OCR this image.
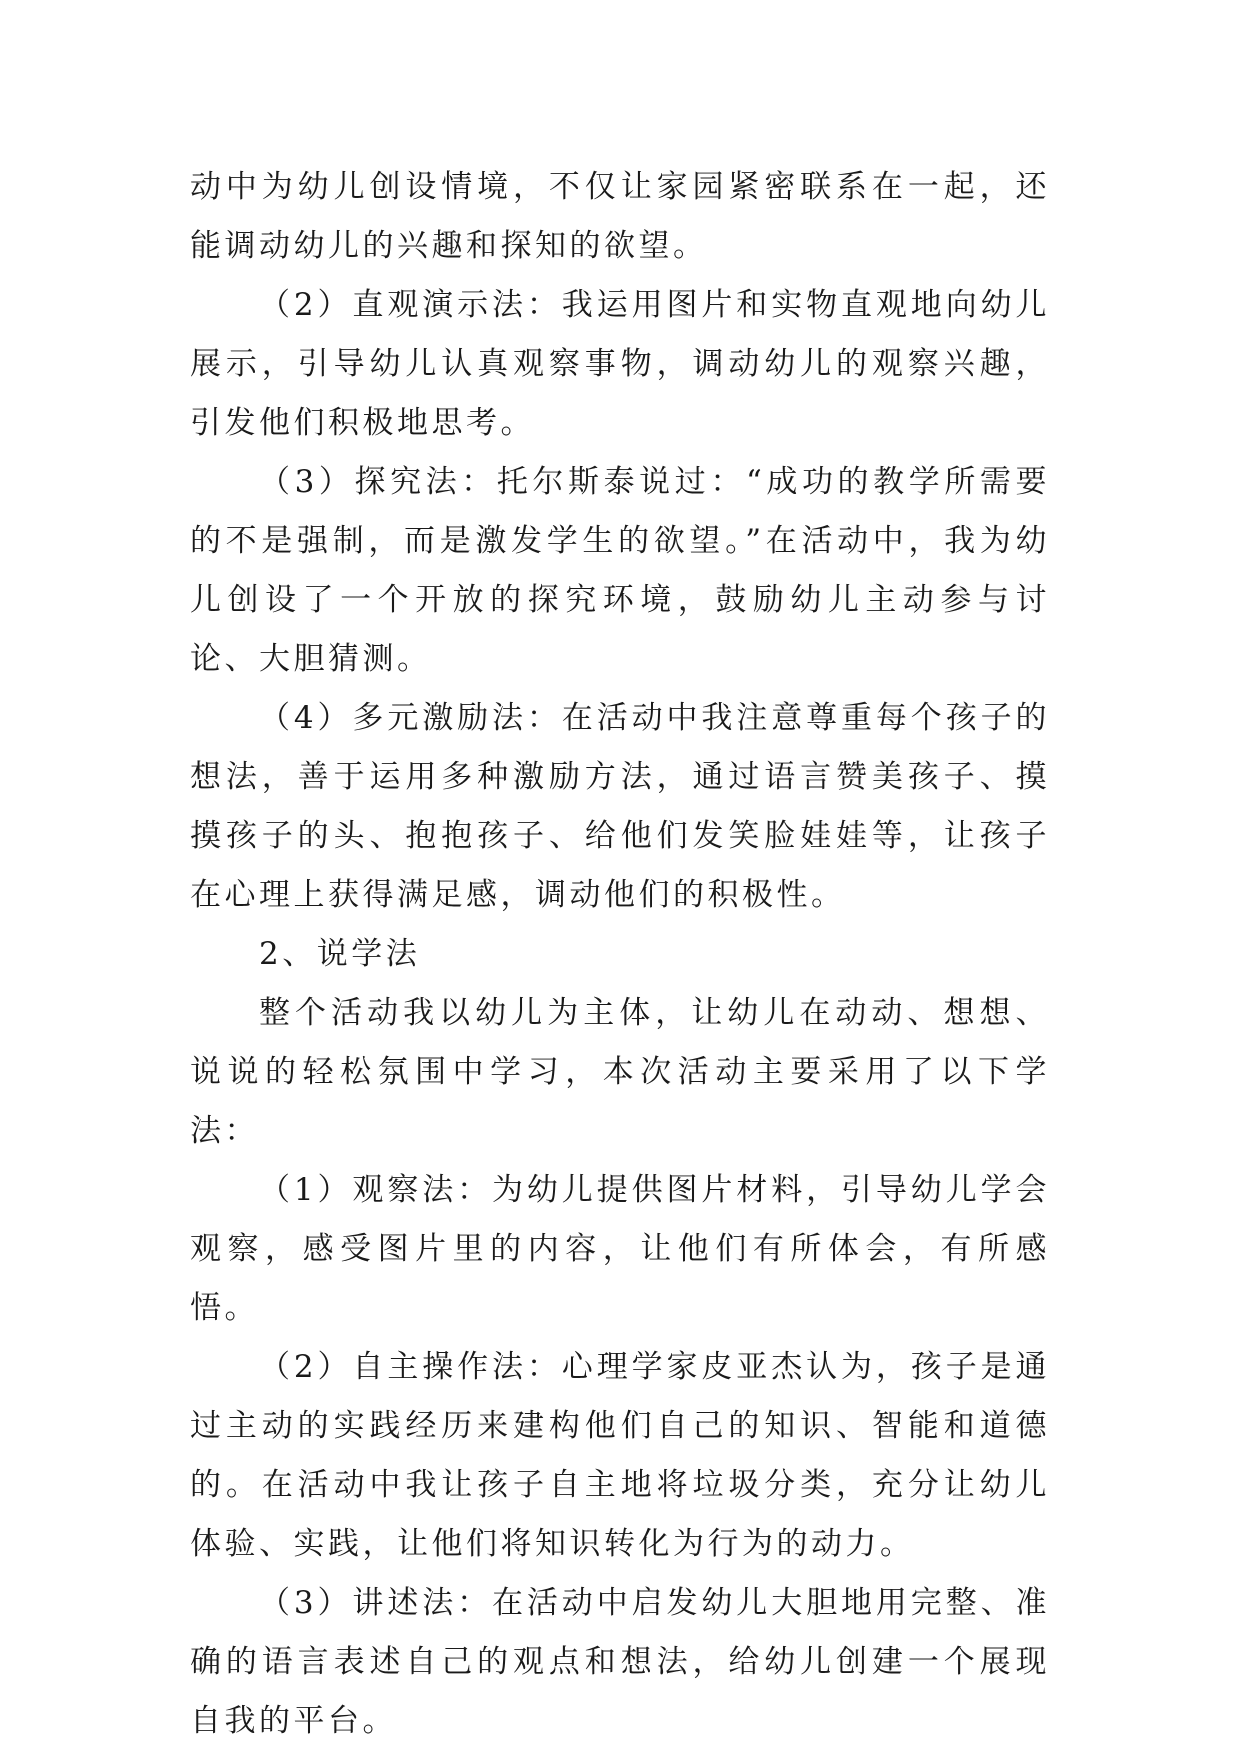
动中为幼儿创设情境，不仅让家园紧密联系在一起，还能调动幼儿的兴趣和探知的欲望。

（2）直观演示法：我运用图片和实物直观地向幼儿展示，引导幼儿认真观察事物，调动幼儿的观察兴趣，引发他们积极地思考。

（3）探究法：托尔斯泰说过：“成功的教学所需要的不是强制，而是激发学生的欲望。”在活动中，我为幼儿创设了一个开放的探究环境，鼓励幼儿主动参与讨论、大胆猜测。

（4）多元激励法：在活动中我注意尊重每个孩子的想法，善于运用多种激励方法，通过语言赞美孩子、摸摸孩子的头、抱抱孩子、给他们发笑脸娃娃等，让孩子在心理上获得满足感，调动他们的积极性。

2、说学法

整个活动我以幼儿为主体，让幼儿在动动、想想、说说的轻松氛围中学习，本次活动主要采用了以下学法：

（1）观察法：为幼儿提供图片材料，引导幼儿学会观察，感受图片里的内容，让他们有所体会，有所感悟。

（2）自主操作法：心理学家皮亚杰认为，孩子是通过主动的实践经历来建构他们自己的知识、智能和道德的。在活动中我让孩子自主地将垃圾分类，充分让幼儿体验、实践，让他们将知识转化为行为的动力。

（3）讲述法：在活动中启发幼儿大胆地用完整、准确的语言表述自己的观点和想法，给幼儿创建一个展现自我的平台。
